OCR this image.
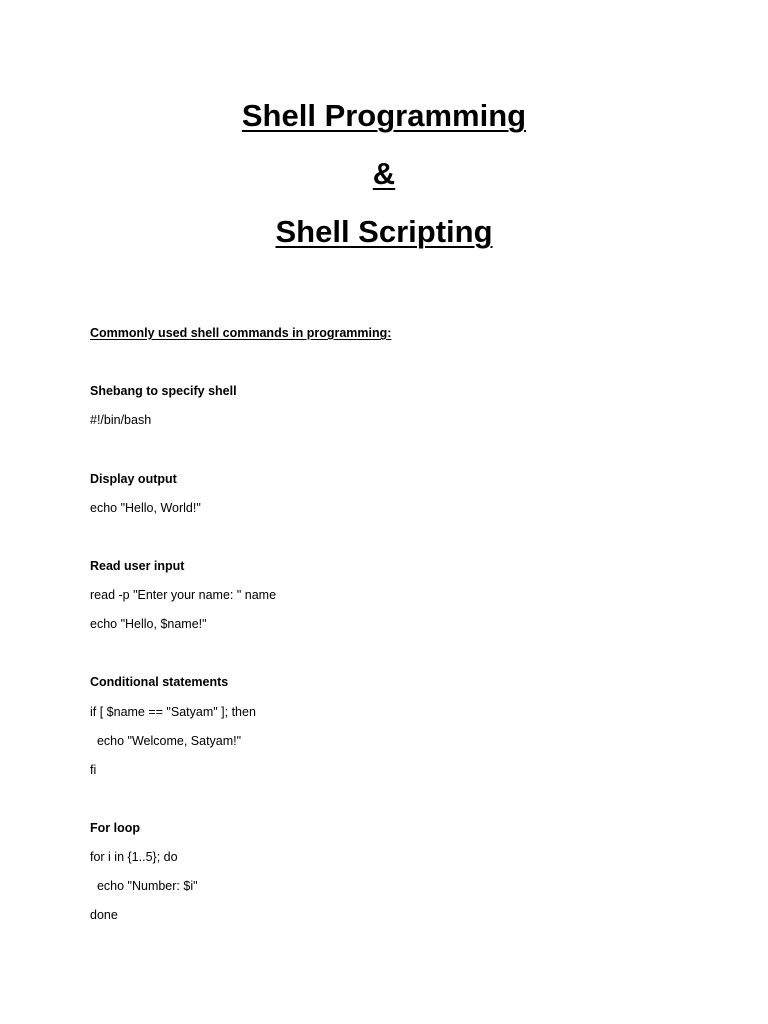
Shell Programming
&
Shell Scripting
Commonly used shell commands in programming:
Shebang to specify shell
#!/bin/bash
Display output
echo "Hello, World!"
Read user input
read -p "Enter your name: " name
echo "Hello, $name!"
Conditional statements
if [ $name == "Satyam" ]; then
echo "Welcome, Satyam!"
fi
For loop
for i in {1..5}; do
echo "Number: $i"
done
